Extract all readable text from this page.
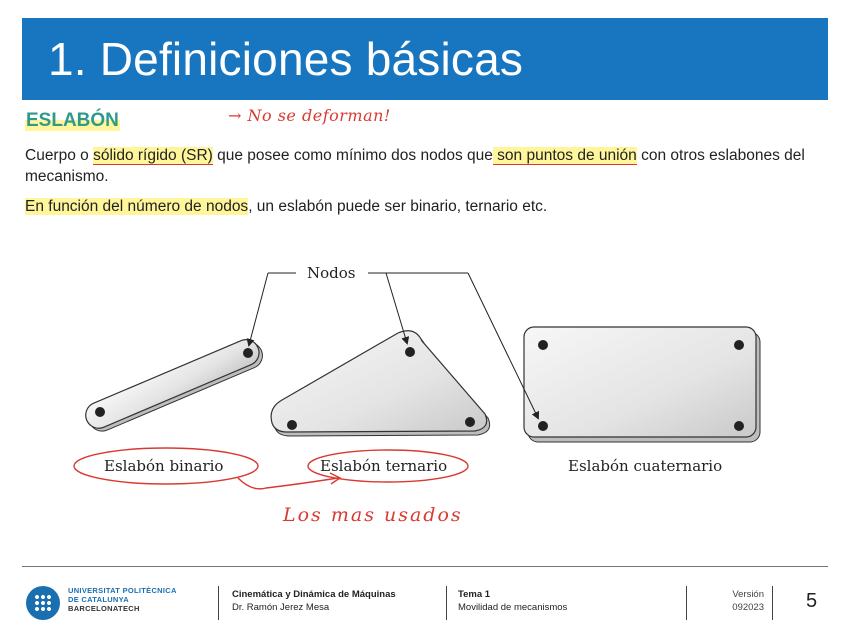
1. Definiciones básicas
ESLABÓN	→ No se deforman!
Cuerpo o sólido rígido (SR) que posee como mínimo dos nodos que son puntos de unión con otros eslabones del mecanismo.
En función del número de nodos, un eslabón puede ser binario, ternario etc.
Nodos
Eslabón binario	Eslabón ternario	Eslabón cuaternario
Los mas usados
UNIVERSITAT POLITÈCNICA
DE CATALUNYA
BARCELONATECH
Cinemática y Dinámica de Máquinas
Dr. Ramón Jerez Mesa
Tema 1
Movilidad de mecanismos
Versión
092023 5
